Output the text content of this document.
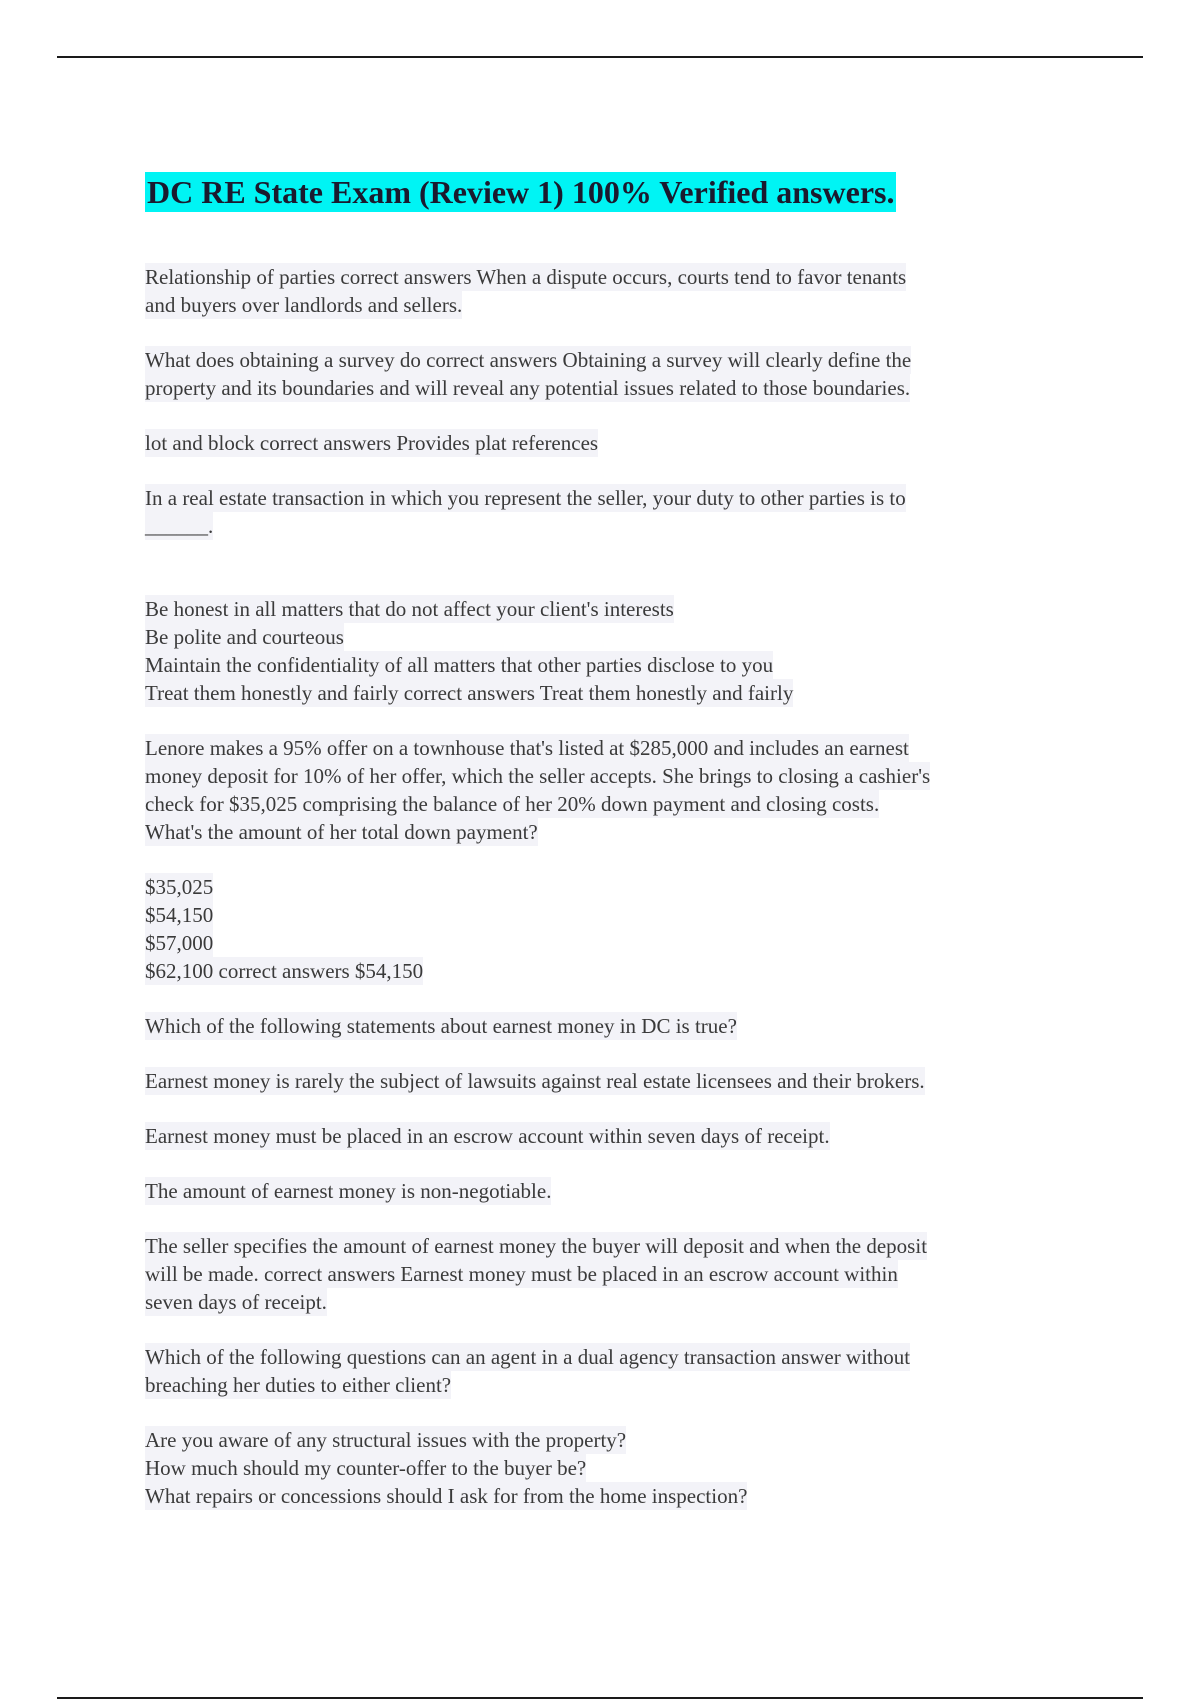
DC RE State Exam (Review 1) 100% Verified answers.

Relationship of parties correct answers When a dispute occurs, courts tend to favor tenants
and buyers over landlords and sellers.

What does obtaining a survey do correct answers Obtaining a survey will clearly define the
property and its boundaries and will reveal any potential issues related to those boundaries.

lot and block correct answers Provides plat references

In a real estate transaction in which you represent the seller, your duty to other parties is to
______.

Be honest in all matters that do not affect your client's interests
Be polite and courteous
Maintain the confidentiality of all matters that other parties disclose to you
Treat them honestly and fairly correct answers Treat them honestly and fairly

Lenore makes a 95% offer on a townhouse that's listed at $285,000 and includes an earnest
money deposit for 10% of her offer, which the seller accepts. She brings to closing a cashier's
check for $35,025 comprising the balance of her 20% down payment and closing costs.
What's the amount of her total down payment?

$35,025
$54,150
$57,000
$62,100 correct answers $54,150

Which of the following statements about earnest money in DC is true?

Earnest money is rarely the subject of lawsuits against real estate licensees and their brokers.

Earnest money must be placed in an escrow account within seven days of receipt.

The amount of earnest money is non-negotiable.

The seller specifies the amount of earnest money the buyer will deposit and when the deposit
will be made. correct answers Earnest money must be placed in an escrow account within
seven days of receipt.

Which of the following questions can an agent in a dual agency transaction answer without
breaching her duties to either client?

Are you aware of any structural issues with the property?
How much should my counter-offer to the buyer be?
What repairs or concessions should I ask for from the home inspection?
